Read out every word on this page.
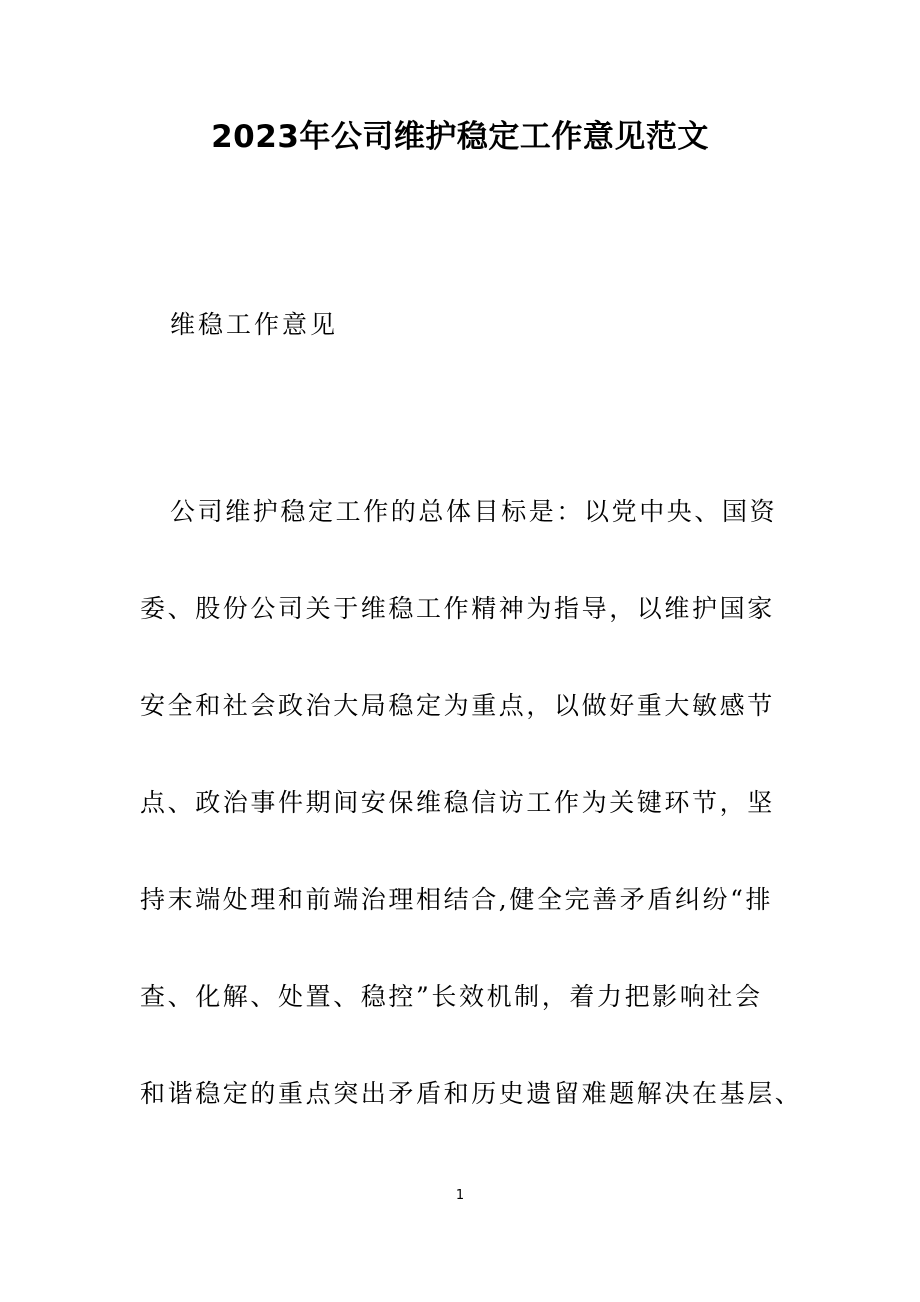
2023年公司维护稳定工作意见范文
维稳工作意见
公司维护稳定工作的总体目标是：以党中央、国资
委、股份公司关于维稳工作精神为指导，以维护国家
安全和社会政治大局稳定为重点，以做好重大敏感节
点、政治事件期间安保维稳信访工作为关键环节，坚
持末端处理和前端治理相结合,健全完善矛盾纠纷“排
查、化解、处置、稳控”长效机制，着力把影响社会
和谐稳定的重点突出矛盾和历史遗留难题解决在基层、
1
